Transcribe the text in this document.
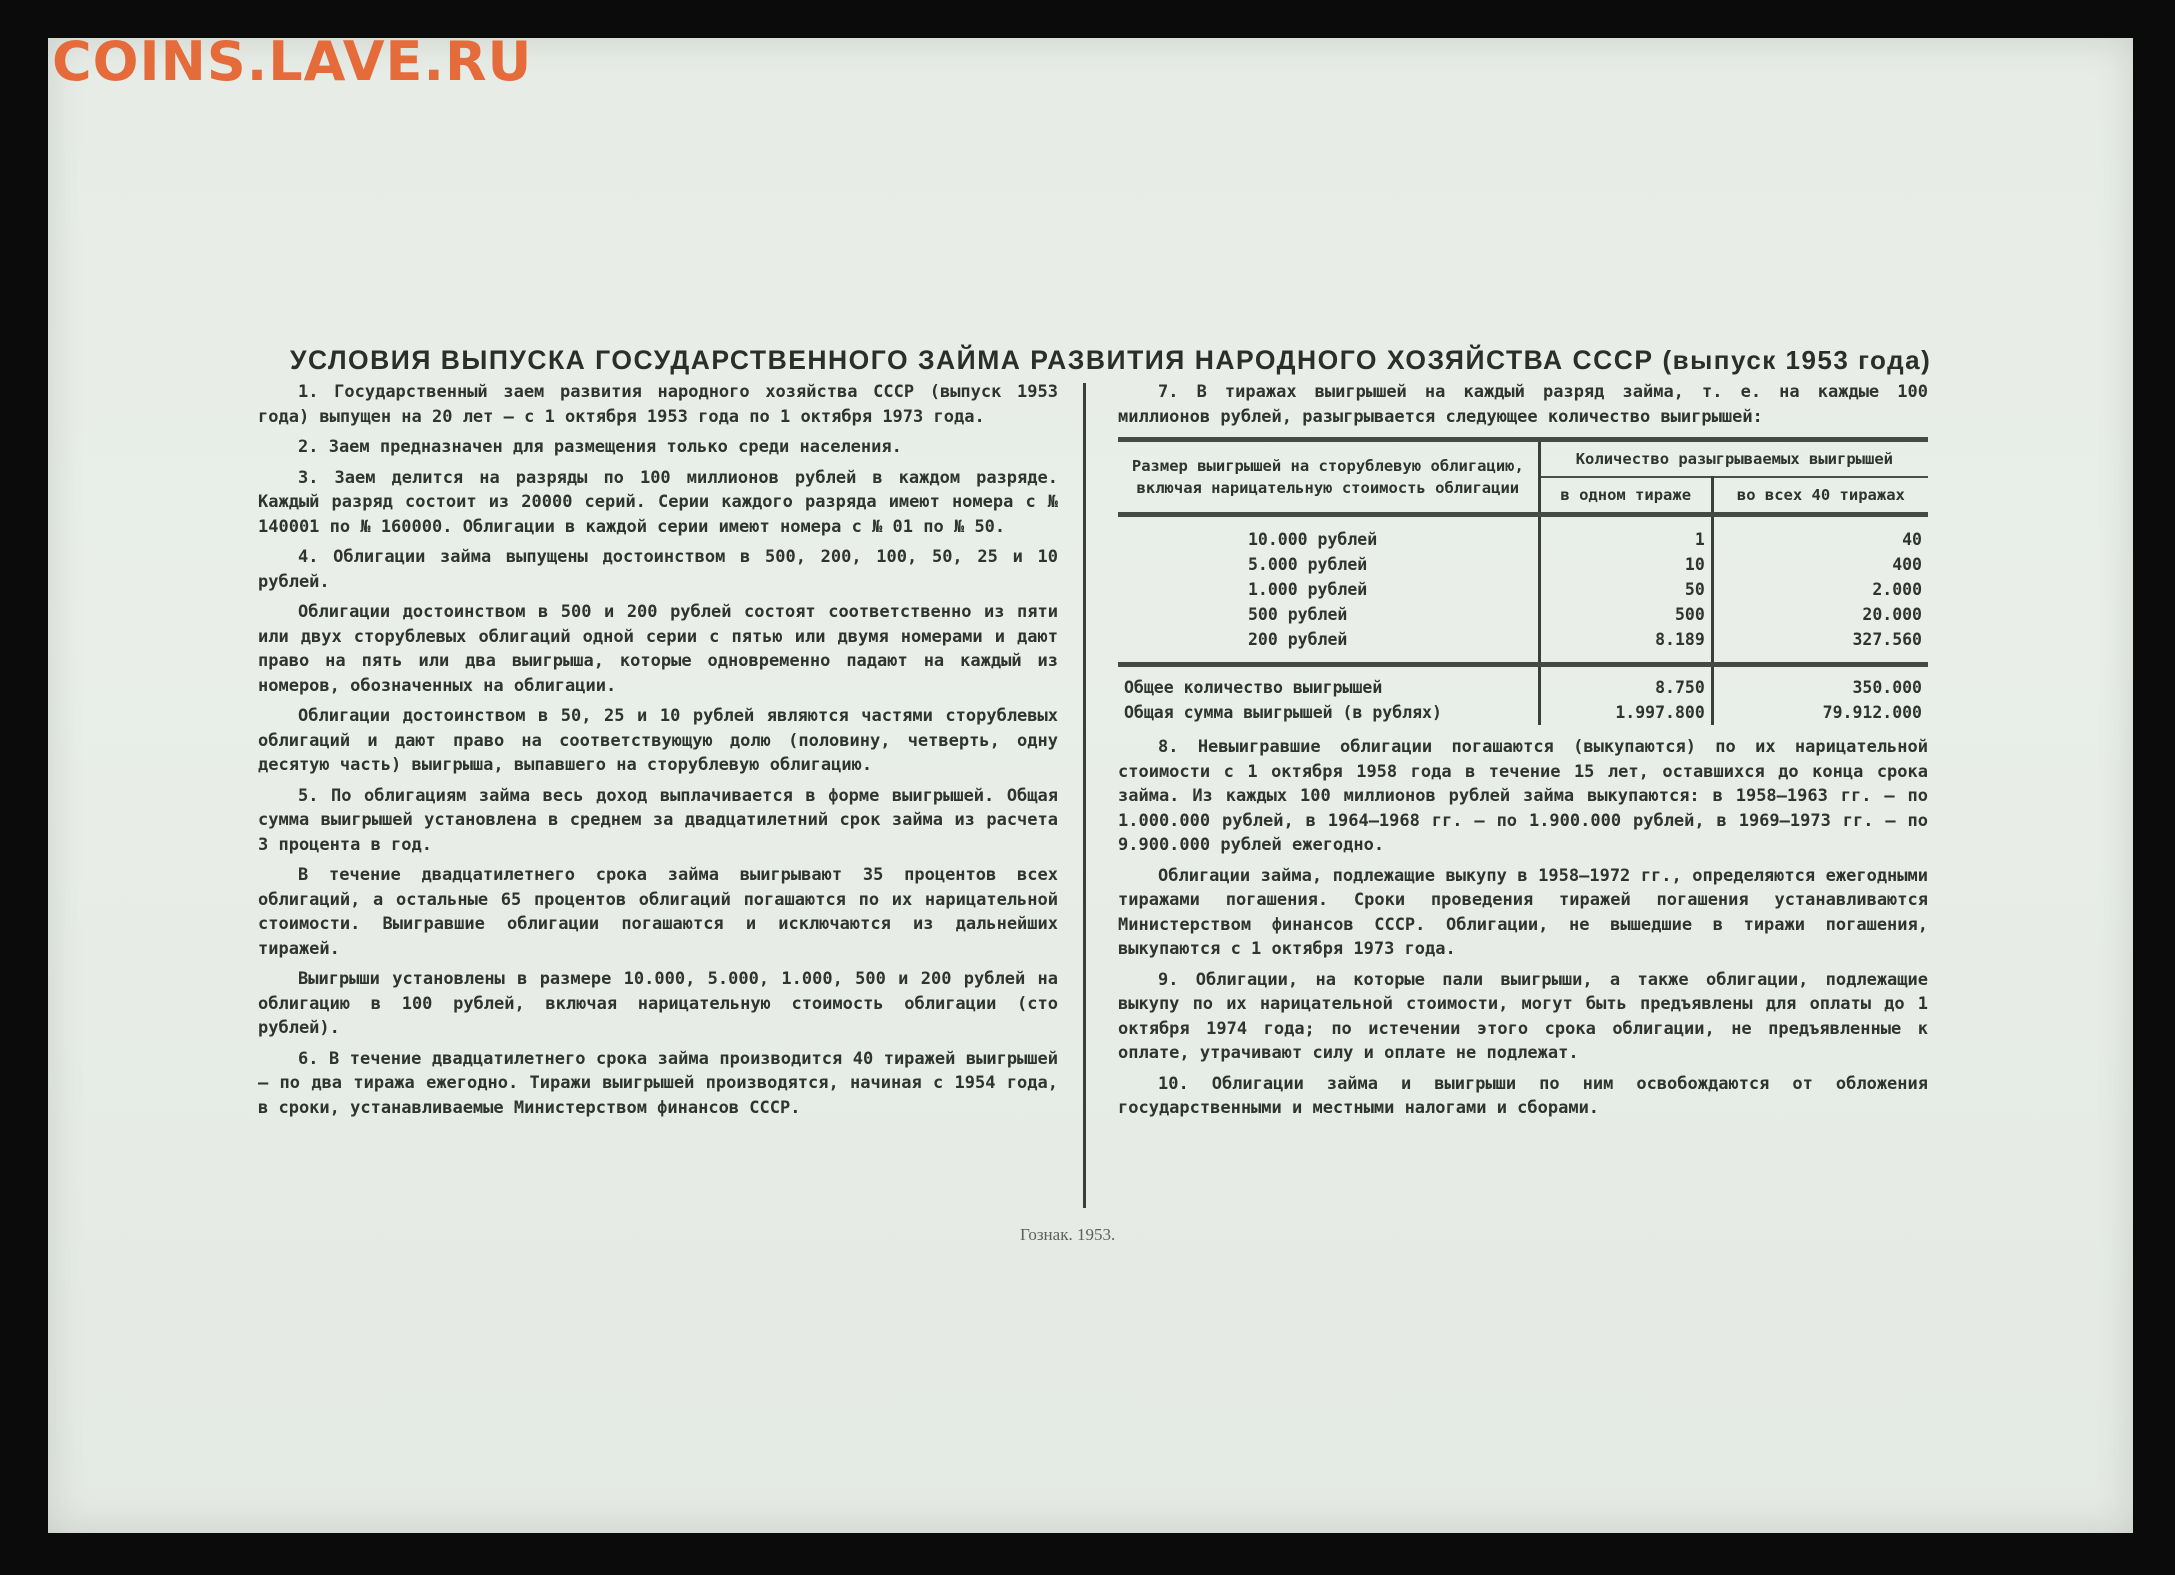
COINS.LAVE.RU
УСЛОВИЯ ВЫПУСКА ГОСУДАРСТВЕННОГО ЗАЙМА РАЗВИТИЯ НАРОДНОГО ХОЗЯЙСТВА СССР (выпуск 1953 года)

1. Государственный заем развития народного хозяйства СССР (выпуск 1953 года) выпущен на 20 лет — с 1 октября 1953 года по 1 октября 1973 года.

2. Заем предназначен для размещения только среди населения.

3. Заем делится на разряды по 100 миллионов рублей в каждом разряде. Каждый разряд состоит из 20000 серий. Серии каждого разряда имеют номера с № 140001 по № 160000. Облигации в каждой серии имеют номера с № 01 по № 50.

4. Облигации займа выпущены достоинством в 500, 200, 100, 50, 25 и 10 рублей.

Облигации достоинством в 500 и 200 рублей состоят соответственно из пяти или двух сторублевых облигаций одной серии с пятью или двумя номерами и дают право на пять или два выигрыша, которые одновременно падают на каждый из номеров, обозначенных на облигации.

Облигации достоинством в 50, 25 и 10 рублей являются частями сторублевых облигаций и дают право на соответствующую долю (половину, четверть, одну десятую часть) выигрыша, выпавшего на сторублевую облигацию.

5. По облигациям займа весь доход выплачивается в форме выигрышей. Общая сумма выигрышей установлена в среднем за двадцатилетний срок займа из расчета 3 процента в год.

В течение двадцатилетнего срока займа выигрывают 35 процентов всех облигаций, а остальные 65 процентов облигаций погашаются по их нарицательной стоимости. Выигравшие облигации погашаются и исключаются из дальнейших тиражей.

Выигрыши установлены в размере 10.000, 5.000, 1.000, 500 и 200 рублей на облигацию в 100 рублей, включая нарицательную стоимость облигации (сто рублей).

6. В течение двадцатилетнего срока займа производится 40 тиражей выигрышей — по два тиража ежегодно. Тиражи выигрышей производятся, начиная с 1954 года, в сроки, устанавливаемые Министерством финансов СССР.

7. В тиражах выигрышей на каждый разряд займа, т. е. на каждые 100 миллионов рублей, разыгрывается следующее количество выигрышей:

Размер выигрышей на сторублевую облигацию, включая нарицательную стоимость облигации	Количество разыгрываемых выигрышей	
	в одном тираже	во всех 40 тиражах
10.000 рублей	1	40
5.000 рублей	10	400
1.000 рублей	50	2.000
500 рублей	500	20.000
200 рублей	8.189	327.560
Общее количество выигрышей	8.750	350.000
Общая сумма выигрышей (в рублях)	1.997.800	79.912.000

8. Невыигравшие облигации погашаются (выкупаются) по их нарицательной стоимости с 1 октября 1958 года в течение 15 лет, оставшихся до конца срока займа. Из каждых 100 миллионов рублей займа выкупаются: в 1958—1963 гг. — по 1.000.000 рублей, в 1964—1968 гг. — по 1.900.000 рублей, в 1969—1973 гг. — по 9.900.000 рублей ежегодно.

Облигации займа, подлежащие выкупу в 1958—1972 гг., определяются ежегодными тиражами погашения. Сроки проведения тиражей погашения устанавливаются Министерством финансов СССР. Облигации, не вышедшие в тиражи погашения, выкупаются с 1 октября 1973 года.

9. Облигации, на которые пали выигрыши, а также облигации, подлежащие выкупу по их нарицательной стоимости, могут быть предъявлены для оплаты до 1 октября 1974 года; по истечении этого срока облигации, не предъявленные к оплате, утрачивают силу и оплате не подлежат.

10. Облигации займа и выигрыши по ним освобождаются от обложения государственными и местными налогами и сборами.

Гознак. 1953.
